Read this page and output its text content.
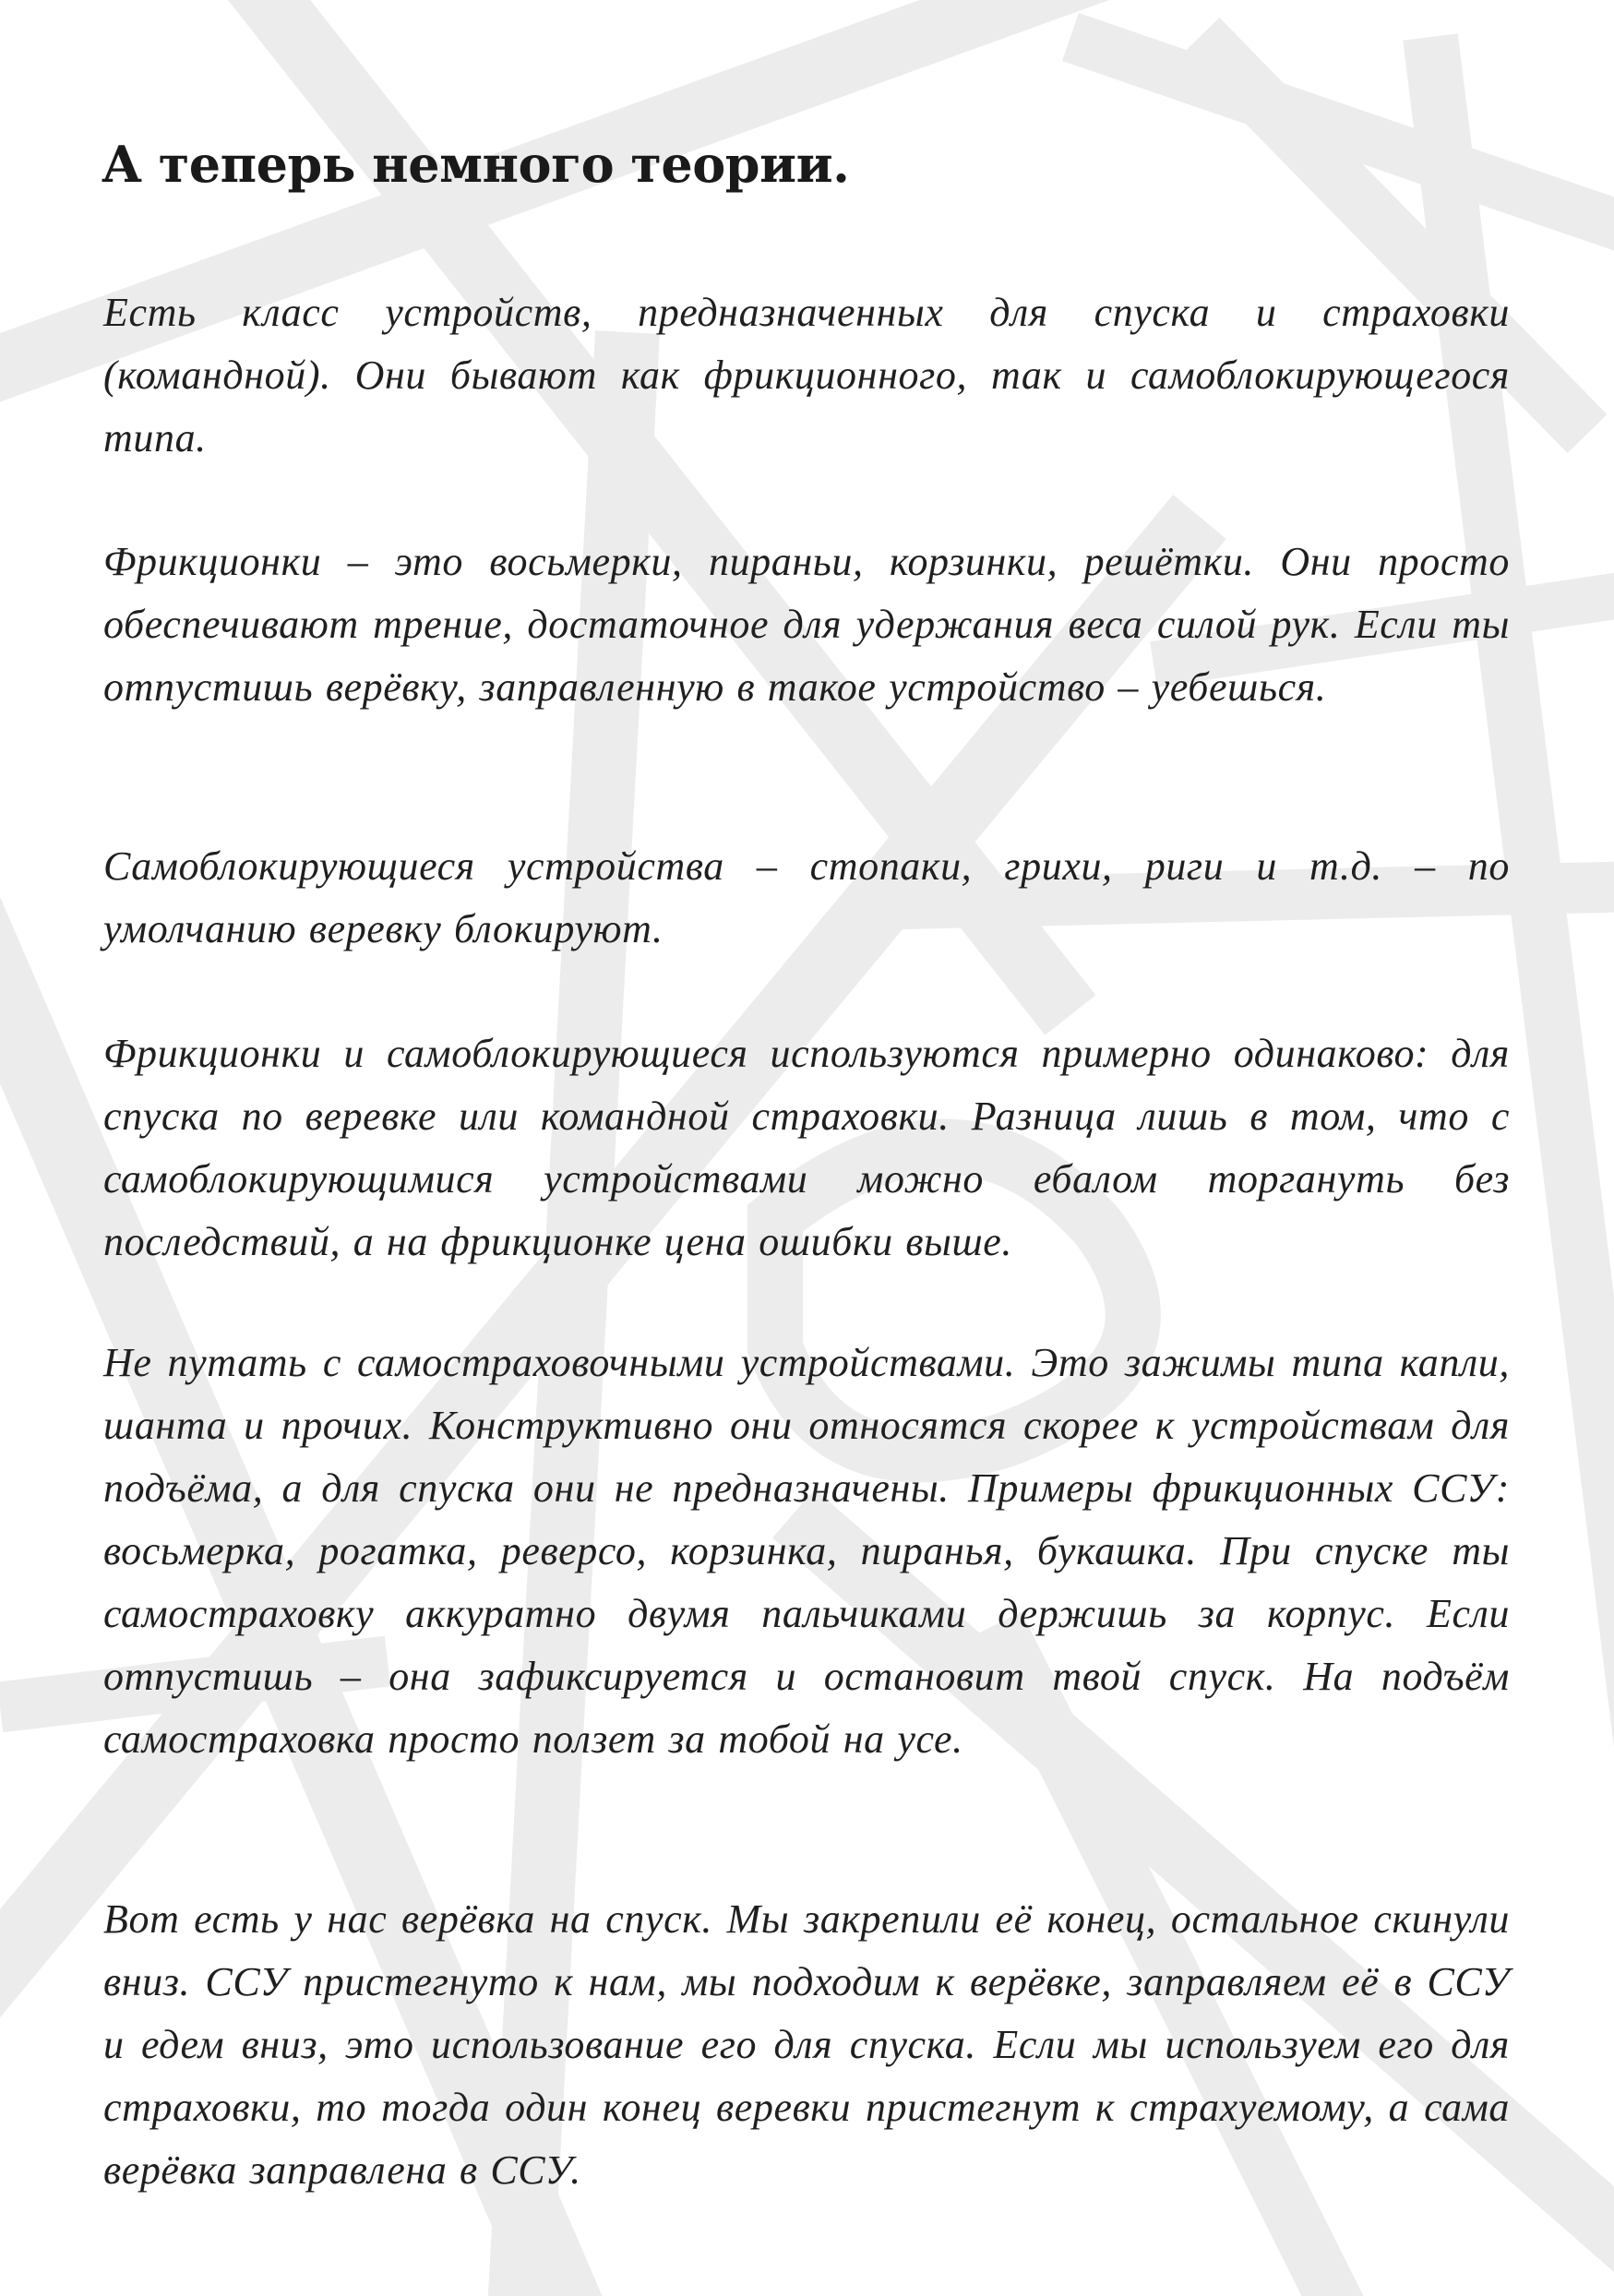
А теперь немного теории.

Есть класс устройств, предназначенных для спуска и страховки (командной). Они бывают как фрикционного, так и самоблокирующегося типа.

Фрикционки – это восьмерки, пираньи, корзинки, решётки. Они просто обеспечивают трение, достаточное для удержания веса силой рук. Если ты отпустишь верёвку, заправленную в такое устройство – уебешься.

Самоблокирующиеся устройства – стопаки, грихи, риги и т.д. – по умолчанию веревку блокируют.

Фрикционки и самоблокирующиеся используются примерно одинаково: для спуска по веревке или командной страховки. Разница лишь в том, что с самоблокирующимися устройствами можно ебалом торгануть без последствий, а на фрикционке цена ошибки выше.

Не путать с самостраховочными устройствами. Это зажимы типа капли, шанта и прочих. Конструктивно они относятся скорее к устройствам для подъёма, а для спуска они не предназначены. Примеры фрикционных ССУ: восьмерка, рогатка, реверсо, корзинка, пиранья, букашка. При спуске ты самостраховку аккуратно двумя пальчиками держишь за корпус. Если отпустишь – она зафиксируется и остановит твой спуск. На подъём самостраховка просто ползет за тобой на усе.

Вот есть у нас верёвка на спуск. Мы закрепили её конец, остальное скинули вниз. ССУ пристегнуто к нам, мы подходим к верёвке, заправляем её в ССУ и едем вниз, это использование его для спуска. Если мы используем его для страховки, то тогда один конец веревки пристегнут к страхуемому, а сама верёвка заправлена в ССУ.
